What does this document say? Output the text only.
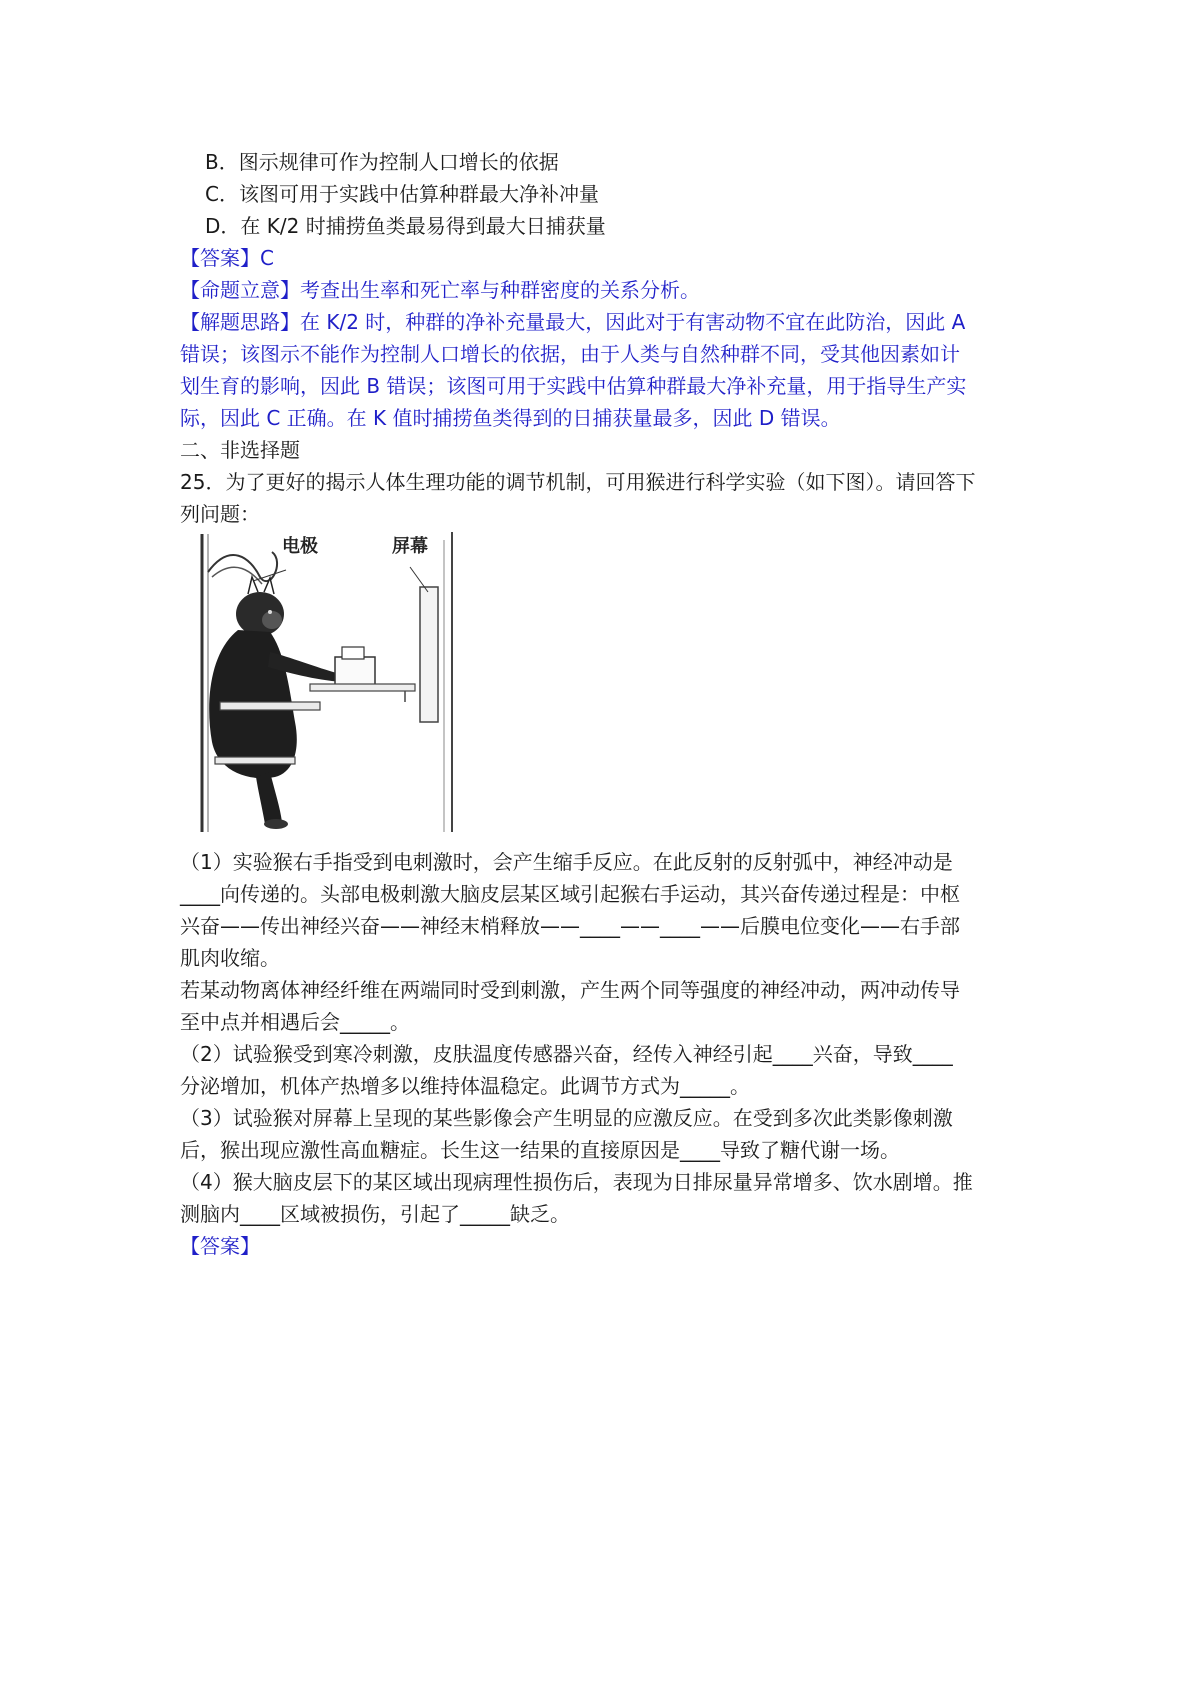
B．图示规律可作为控制人口增长的依据
C．该图可用于实践中估算种群最大净补冲量
D．在 K/2 时捕捞鱼类最易得到最大日捕获量
【答案】C
【命题立意】考查出生率和死亡率与种群密度的关系分析。
【解题思路】在 K/2 时，种群的净补充量最大，因此对于有害动物不宜在此防治，因此 A
错误；该图示不能作为控制人口增长的依据，由于人类与自然种群不同，受其他因素如计
划生育的影响，因此 B 错误；该图可用于实践中估算种群最大净补充量，用于指导生产实
际，因此 C 正确。在 K 值时捕捞鱼类得到的日捕获量最多，因此 D 错误。
二、非选择题
25．为了更好的揭示人体生理功能的调节机制，可用猴进行科学实验（如下图）。请回答下
列问题：
电极	屏幕
（1）实验猴右手指受到电刺激时，会产生缩手反应。在此反射的反射弧中，神经冲动是
____向传递的。头部电极刺激大脑皮层某区域引起猴右手运动，其兴奋传递过程是：中枢
兴奋——传出神经兴奋——神经末梢释放——____——____——后膜电位变化——右手部
肌肉收缩。
若某动物离体神经纤维在两端同时受到刺激，产生两个同等强度的神经冲动，两冲动传导
至中点并相遇后会_____。
（2）试验猴受到寒冷刺激，皮肤温度传感器兴奋，经传入神经引起____兴奋，导致____
分泌增加，机体产热增多以维持体温稳定。此调节方式为_____。
（3）试验猴对屏幕上呈现的某些影像会产生明显的应激反应。在受到多次此类影像刺激
后，猴出现应激性高血糖症。长生这一结果的直接原因是____导致了糖代谢一场。
（4）猴大脑皮层下的某区域出现病理性损伤后，表现为日排尿量异常增多、饮水剧增。推
测脑内____区域被损伤，引起了_____缺乏。
【答案】
